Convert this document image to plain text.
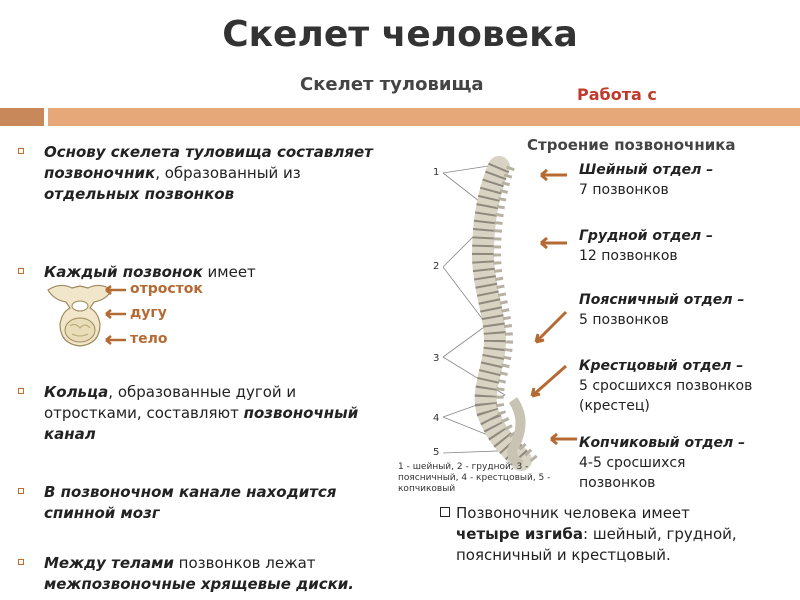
Скелет человека
Скелет туловища	Работа с
Основу скелета туловища составляет позвоночник, образованный из отдельных позвонков
Каждый позвонок имеет
отросток
дугу
тело
Кольца, образованные дугой и отростками, составляют позвоночный канал
В позвоночном канале находится спинной мозг
Между телами позвонков лежат межпозвоночные хрящевые диски.
1
2
3
4
5
1 - шейный, 2 - грудной, 3 - поясничный, 4 - крестцовый, 5 - копчиковый
Строение позвоночника
Шейный отдел –
7 позвонков
Грудной отдел –
12 позвонков
Поясничный отдел –
5 позвонков
Крестцовый отдел –
5 сросшихся позвонков (крестец)
Копчиковый отдел –
4-5 сросшихся позвонков
Позвоночник человека имеет четыре изгиба: шейный, грудной, поясничный и крестцовый.
